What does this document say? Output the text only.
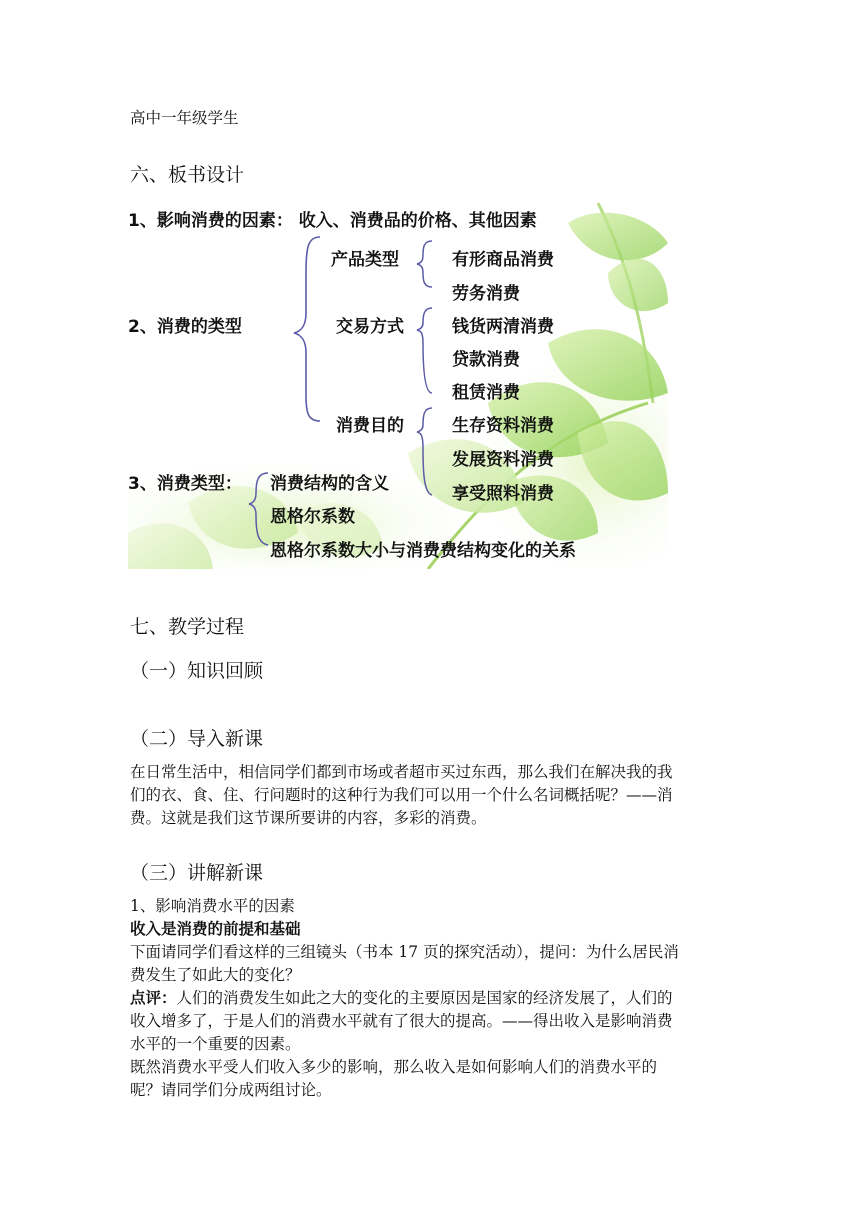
高中一年级学生
六、板书设计
1、影响消费的因素： 收入、消费品的价格、其他因素
2、消费的类型
产品类型
交易方式
消费目的
有形商品消费
劳务消费
钱货两清消费
贷款消费
租赁消费
生存资料消费
发展资料消费
享受照料消费
3、消费类型： 消费结构的含义
恩格尔系数
恩格尔系数大小与消费费结构变化的关系
七、教学过程
（一）知识回顾
（二）导入新课
在日常生活中，相信同学们都到市场或者超市买过东西，那么我们在解决我的我
们的衣、食、住、行问题时的这种行为我们可以用一个什么名词概括呢？——消
费。这就是我们这节课所要讲的内容，多彩的消费。
（三）讲解新课
1、影响消费水平的因素
收入是消费的前提和基础
下面请同学们看这样的三组镜头（书本 17 页的探究活动），提问：为什么居民消
费发生了如此大的变化？
点评：人们的消费发生如此之大的变化的主要原因是国家的经济发展了，人们的
收入增多了，于是人们的消费水平就有了很大的提高。——得出收入是影响消费
水平的一个重要的因素。
既然消费水平受人们收入多少的影响，那么收入是如何影响人们的消费水平的
呢？请同学们分成两组讨论。
